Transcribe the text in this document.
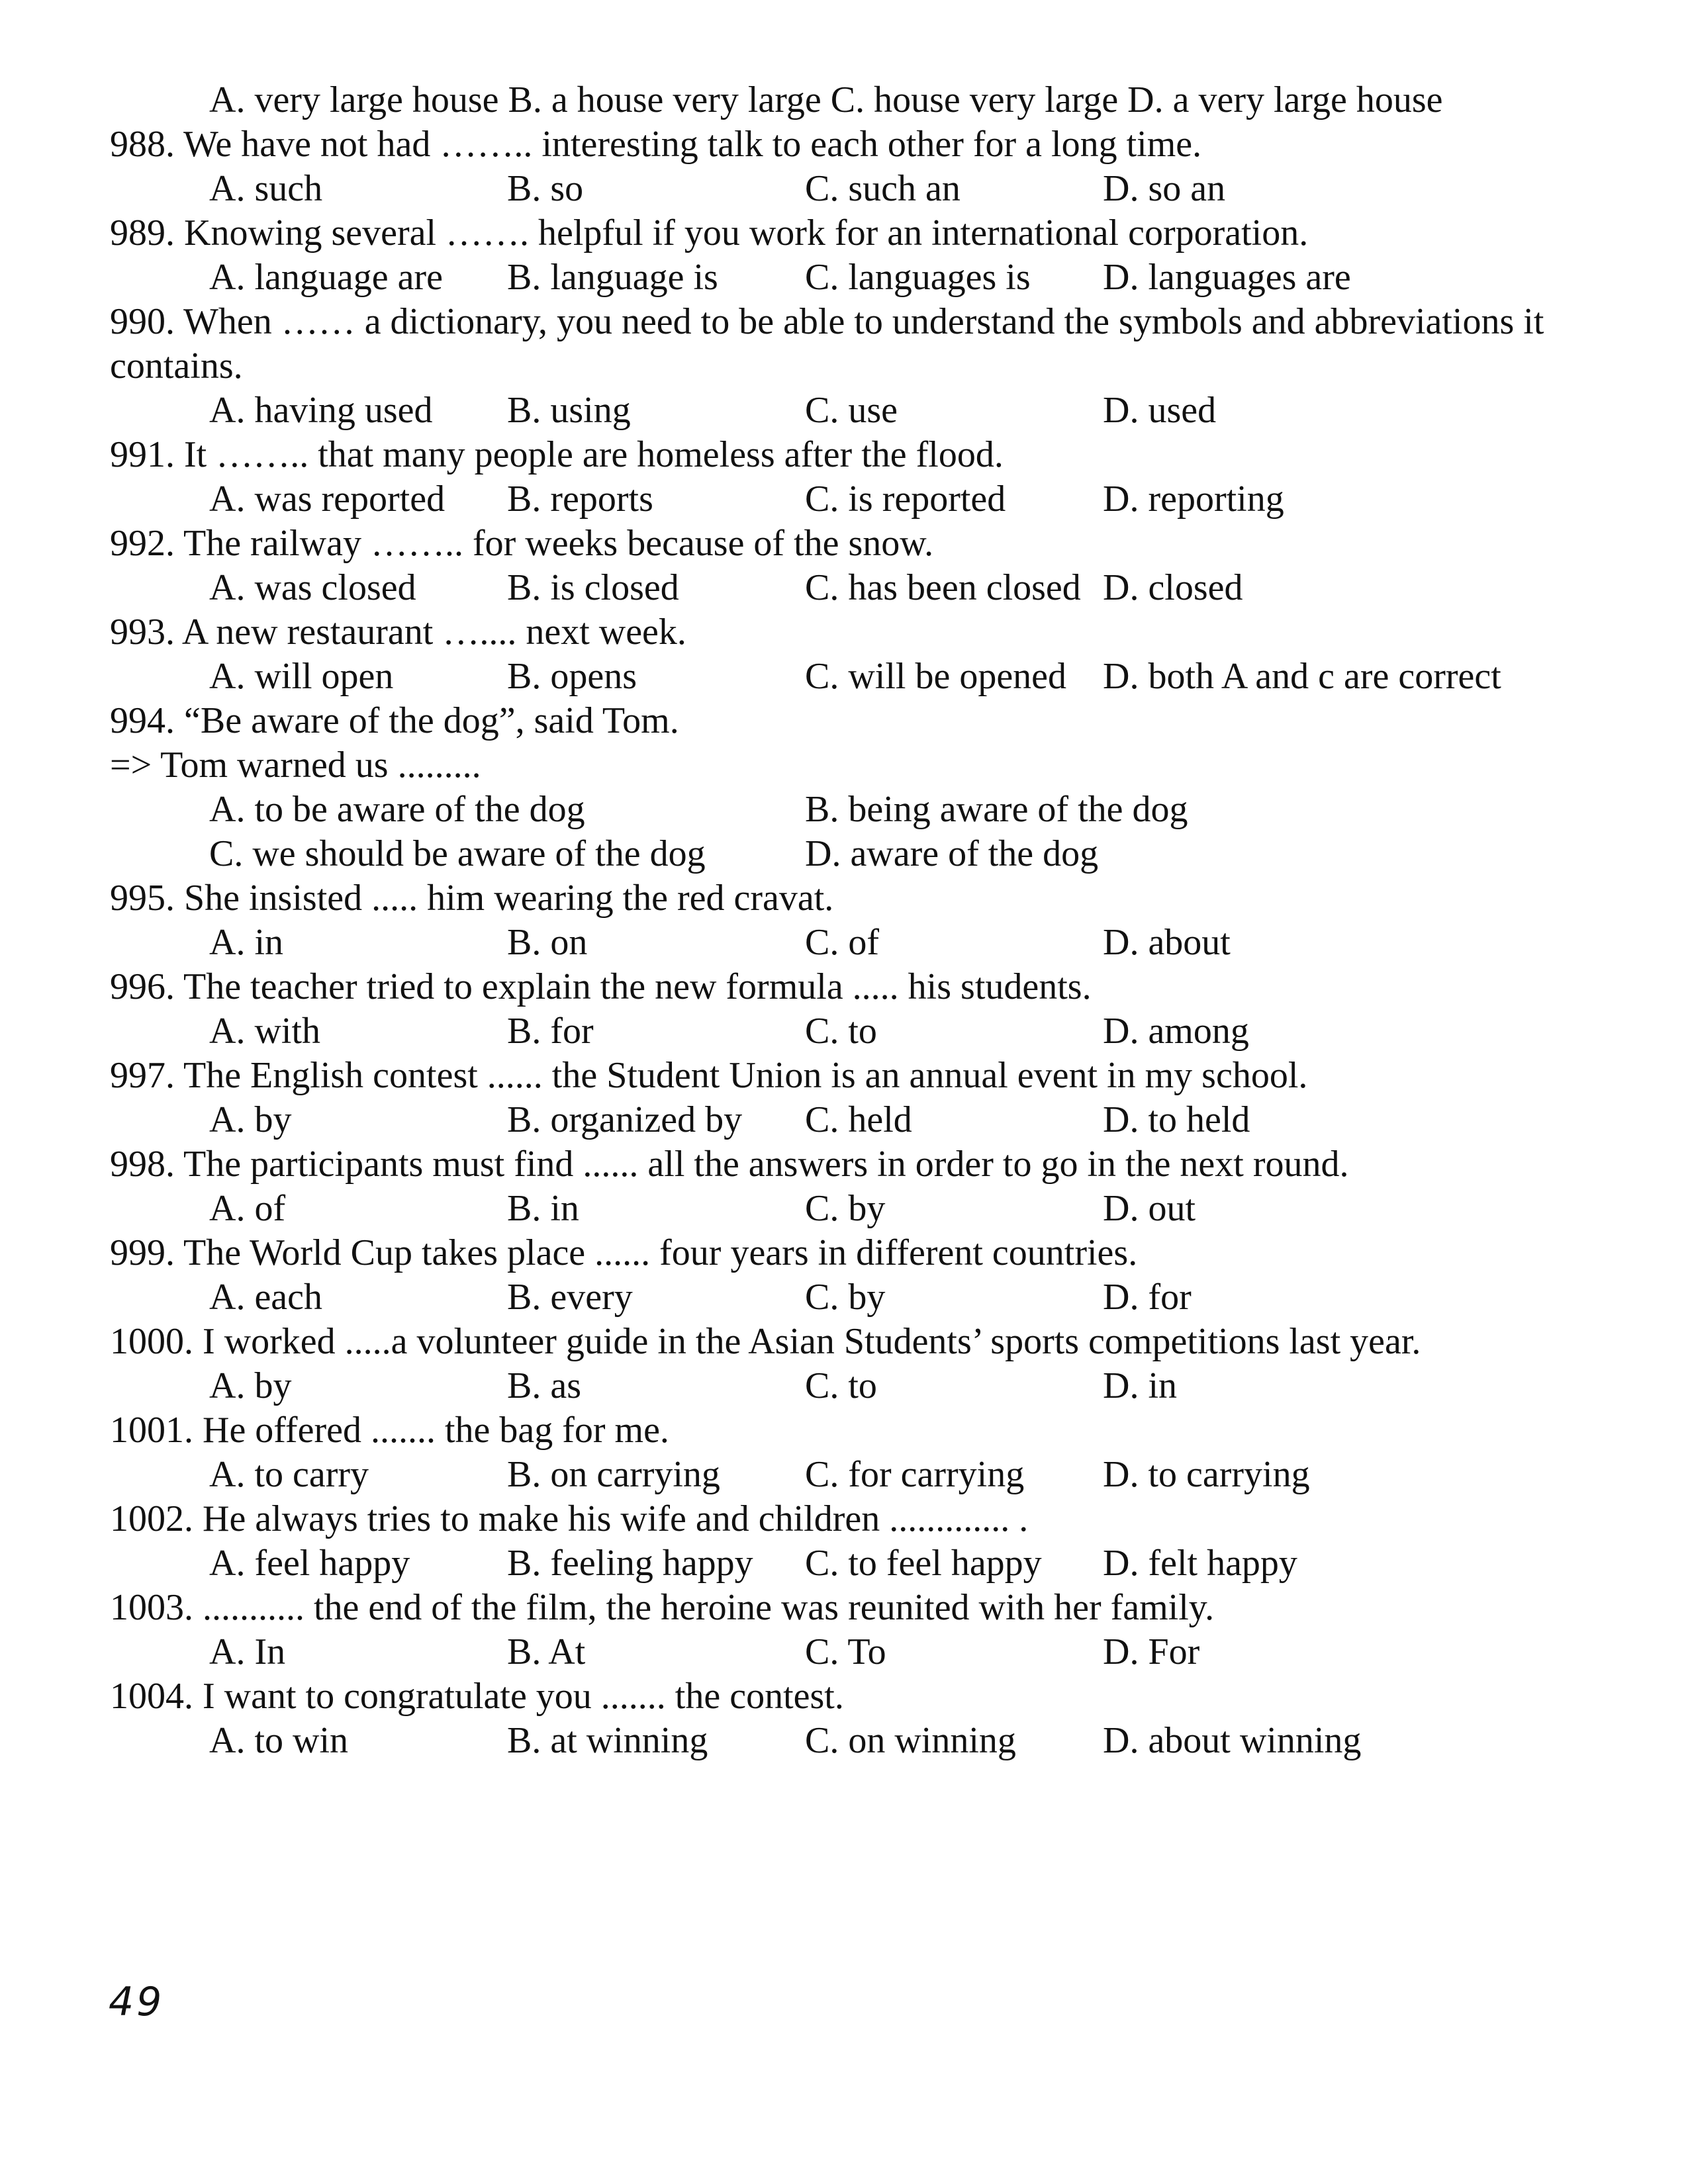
A. very large house B. a house very large C. house very large D. a very large house
988. We have not had …….. interesting talk to each other for a long time.
A. such	B. so	C. such an	D. so an
989. Knowing several ……. helpful if you work for an international corporation.
A. language are B. language is C. languages is D. languages are
990. When …… a dictionary, you need to be able to understand the symbols and abbreviations it contains.
A. having used B. using	C. use	D. used
991. It …….. that many people are homeless after the flood.
A. was reported B. reports	C. is reported	D. reporting
992. The railway …….. for weeks because of the snow.
A. was closed B. is closed	C. has been closed D. closed
993. A new restaurant ….... next week.
A. will open	B. opens	C. will be opened D. both A and c are correct
994. “Be aware of the dog”, said Tom.
=> Tom warned us .........
A. to be aware of the dog	B. being aware of the dog
C. we should be aware of the dog	D. aware of the dog
995. She insisted ..... him wearing the red cravat.
A. in	B. on	C. of	D. about
996. The teacher tried to explain the new formula ..... his students.
A. with	B. for	C. to	D. among
997. The English contest ...... the Student Union is an annual event in my school.
A. by	B. organized by C. held	D. to held
998. The participants must find ...... all the answers in order to go in the next round.
A. of	B. in	C. by	D. out
999. The World Cup takes place ...... four years in different countries.
A. each	B. every	C. by	D. for
1000. I worked .....a volunteer guide in the Asian Students’ sports competitions last year.
A. by	B. as	C. to	D. in
1001. He offered ....... the bag for me.
A. to carry	B. on carrying C. for carrying D. to carrying
1002. He always tries to make his wife and children ............. .
A. feel happy	B. feeling happy C. to feel happy D. felt happy
1003. ........... the end of the film, the heroine was reunited with her family.
A. In	B. At	C. To	D. For
1004. I want to congratulate you ....... the contest.
A. to win	B. at winning	C. on winning D. about winning
49
